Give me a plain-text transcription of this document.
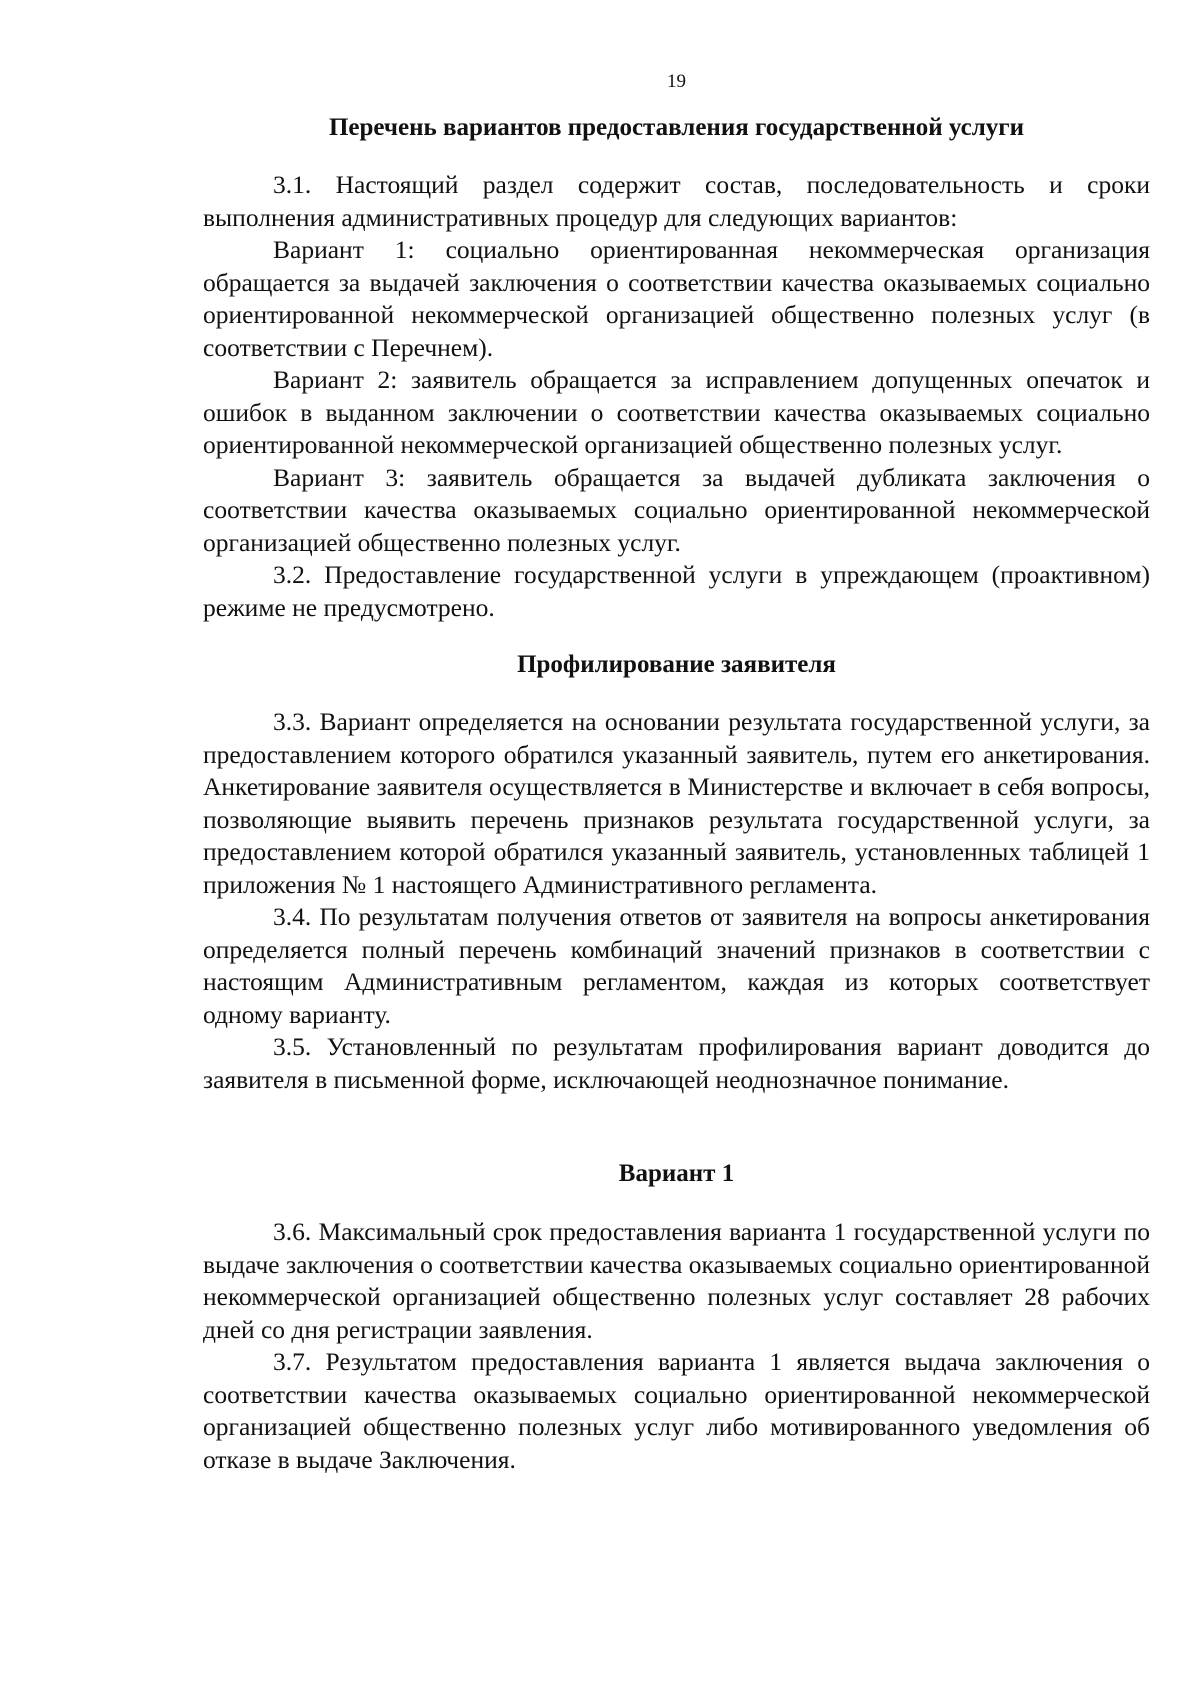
19
Перечень вариантов предоставления государственной услуги

3.1. Настоящий раздел содержит состав, последовательность и сроки выполнения административных процедур для следующих вариантов:

Вариант 1: социально ориентированная некоммерческая организация обращается за выдачей заключения о соответствии качества оказываемых социально ориентированной некоммерческой организацией общественно полезных услуг (в соответствии с Перечнем).

Вариант 2: заявитель обращается за исправлением допущенных опечаток и ошибок в выданном заключении о соответствии качества оказываемых социально ориентированной некоммерческой организацией общественно полезных услуг.

Вариант 3: заявитель обращается за выдачей дубликата заключения о соответствии качества оказываемых социально ориентированной некоммерческой организацией общественно полезных услуг.

3.2. Предоставление государственной услуги в упреждающем (проактивном) режиме не предусмотрено.

Профилирование заявителя

3.3. Вариант определяется на основании результата государственной услуги, за предоставлением которого обратился указанный заявитель, путем его анкетирования. Анкетирование заявителя осуществляется в Министерстве и включает в себя вопросы, позволяющие выявить перечень признаков результата государственной услуги, за предоставлением которой обратился указанный заявитель, установленных таблицей 1 приложения № 1 настоящего Административного регламента.

3.4. По результатам получения ответов от заявителя на вопросы анкетирования определяется полный перечень комбинаций значений признаков в соответствии с настоящим Административным регламентом, каждая из которых соответствует одному варианту.

3.5. Установленный по результатам профилирования вариант доводится до заявителя в письменной форме, исключающей неоднозначное понимание.

Вариант 1

3.6. Максимальный срок предоставления варианта 1 государственной услуги по выдаче заключения о соответствии качества оказываемых социально ориентированной некоммерческой организацией общественно полезных услуг составляет 28 рабочих дней со дня регистрации заявления.

3.7. Результатом предоставления варианта 1 является выдача заключения о соответствии качества оказываемых социально ориентированной некоммерческой организацией общественно полезных услуг либо мотивированного уведомления об отказе в выдаче Заключения.
